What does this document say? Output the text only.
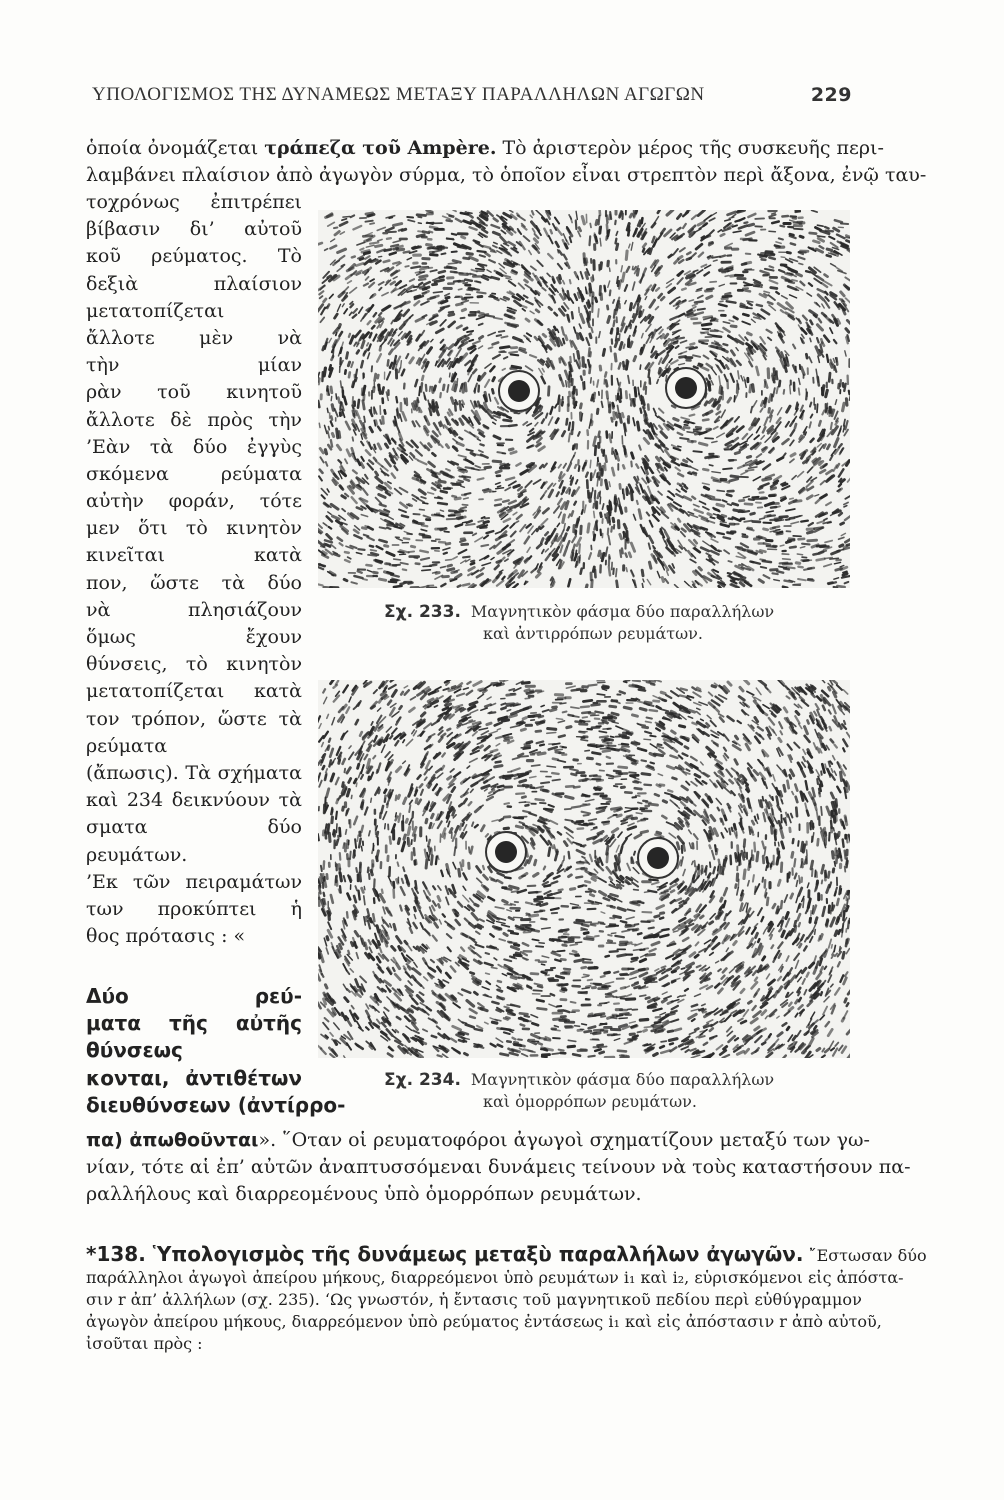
ΥΠΟΛΟΓΙΣΜΟΣ ΤΗΣ ΔΥΝΑΜΕΩΣ ΜΕΤΑΞΥ ΠΑΡΑΛΛΗΛΩΝ ΑΓΩΓΩΝ	229
ὁποία ὀνομάζεται τράπεζα τοῦ Ampère. Τὸ ἀριστερὸν μέρος τῆς συσκευῆς περι-
λαμβάνει πλαίσιον ἀπὸ ἀγωγὸν σύρμα, τὸ ὁποῖον εἶναι στρεπτὸν περὶ ἄξονα, ἐνῷ ταυ-
τοχρόνως ἐπιτρέπει
βίβασιν δι’ αὐτοῦ
κοῦ ρεύματος. Τὸ
δεξιὰ πλαίσιον
μετατοπίζεται
ἄλλοτε μὲν νὰ
τὴν μίαν
ρὰν τοῦ κινητοῦ
ἄλλοτε δὲ πρὸς τὴν
’Εὰν τὰ δύο ἐγγὺς
σκόμενα ρεύματα
αὐτὴν φοράν, τότε
μεν ὅτι τὸ κινητὸν
κινεῖται κατὰ
πον, ὥστε τὰ δύο
νὰ πλησιάζουν
ὅμως ἔχουν
θύνσεις, τὸ κινητὸν
μετατοπίζεται κατὰ
τον τρόπον, ὥστε τὰ
ρεύματα
(ἄπωσις). Τὰ σχήματα
καὶ 234 δεικνύουν τὰ
σματα δύο
ρευμάτων.
’Εκ τῶν πειραμάτων
των προκύπτει ἡ
θος πρότασις : «
Δύο ρεύ-
ματα τῆς αὐτῆς
θύνσεως
κονται, ἀντιθέτων
διευθύνσεων (ἀντίρρο-
πα) ἀπωθοῦνται». ῞Οταν οἱ ρευματοφόροι ἀγωγοὶ σχηματίζουν μεταξύ των γω-
νίαν, τότε αἱ ἐπ’ αὐτῶν ἀναπτυσσόμεναι δυνάμεις τείνουν νὰ τοὺς καταστήσουν πα-
ραλλήλους καὶ διαρρεομένους ὑπὸ ὁμορρόπων ρευμάτων.
Σχ. 233. Μαγνητικὸν φάσμα δύο παραλλήλων
καὶ ἀντιρρόπων ρευμάτων.
Σχ. 234. Μαγνητικὸν φάσμα δύο παραλλήλων
καὶ ὁμορρόπων ρευμάτων.
*138. Ὑπολογισμὸς τῆς δυνάμεως μεταξὺ παραλλήλων ἀγωγῶν. ῎Εστωσαν δύο
παράλληλοι ἀγωγοὶ ἀπείρου μήκους, διαρρεόμενοι ὑπὸ ρευμάτων i₁ καὶ i₂, εὑρισκόμενοι εἰς ἀπόστα-
σιν r ἀπ’ ἀλλήλων (σχ. 235). ‘Ως γνωστόν, ἡ ἔντασις τοῦ μαγνητικοῦ πεδίου περὶ εὐθύγραμμον
ἀγωγὸν ἀπείρου μήκους, διαρρεόμενον ὑπὸ ρεύματος ἐντάσεως i₁ καὶ εἰς ἀπόστασιν r ἀπὸ αὐτοῦ,
ἰσοῦται πρὸς :
